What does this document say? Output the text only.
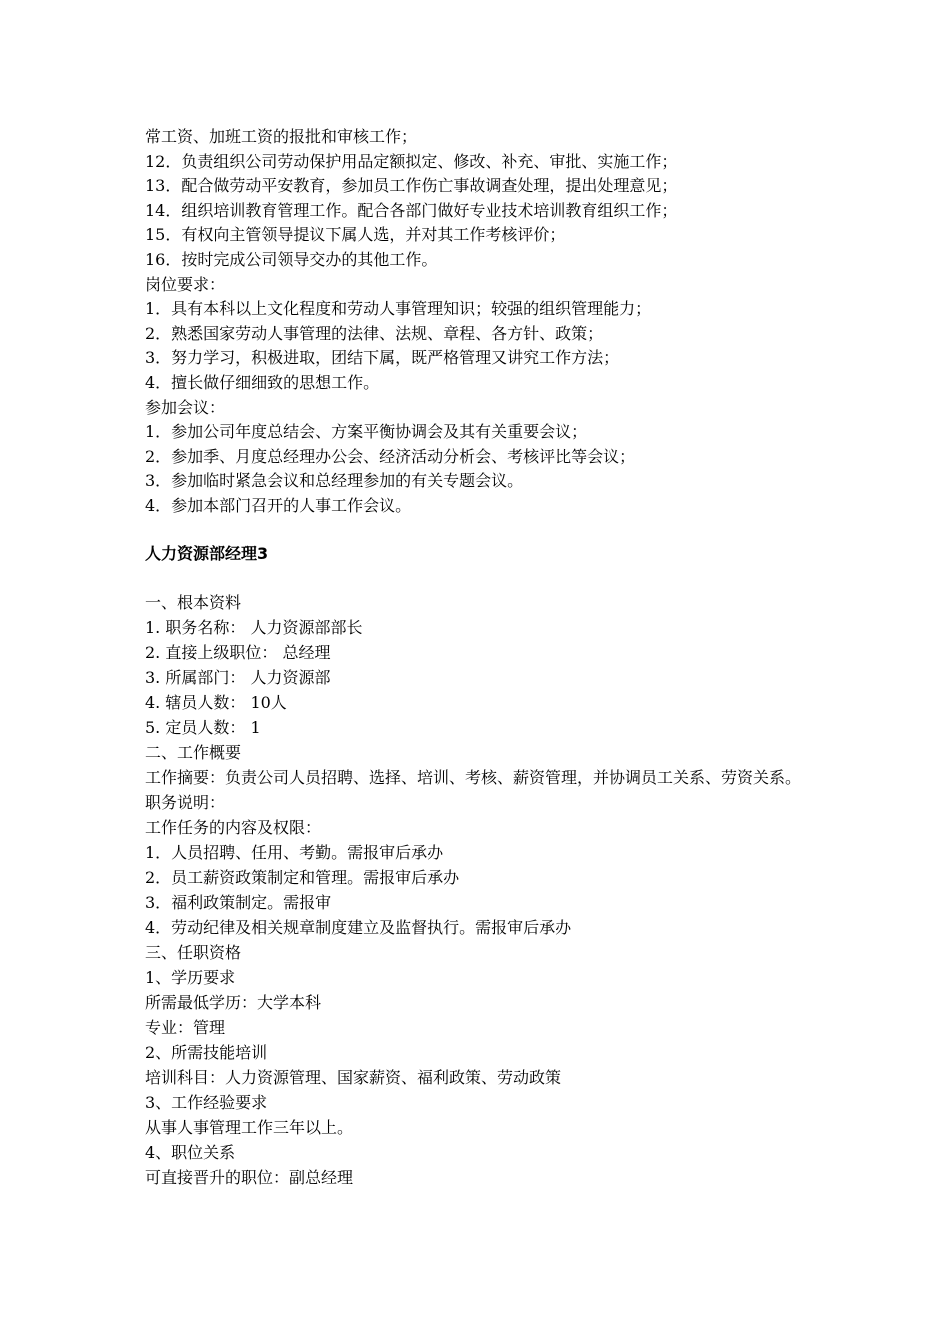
常工资、加班工资的报批和审核工作；
12．负责组织公司劳动保护用品定额拟定、修改、补充、审批、实施工作；
13．配合做劳动平安教育，参加员工作伤亡事故调查处理，提出处理意见；
14．组织培训教育管理工作。配合各部门做好专业技术培训教育组织工作；
15．有权向主管领导提议下属人选，并对其工作考核评价；
16．按时完成公司领导交办的其他工作。
岗位要求：
1．具有本科以上文化程度和劳动人事管理知识；较强的组织管理能力；
2．熟悉国家劳动人事管理的法律、法规、章程、各方针、政策；
3．努力学习，积极进取，团结下属，既严格管理又讲究工作方法；
4．擅长做仔细细致的思想工作。
参加会议：
1．参加公司年度总结会、方案平衡协调会及其有关重要会议；
2．参加季、月度总经理办公会、经济活动分析会、考核评比等会议；
3．参加临时紧急会议和总经理参加的有关专题会议。
4．参加本部门召开的人事工作会议。
人力资源部经理3
一、根本资料
1. 职务名称： 人力资源部部长
2. 直接上级职位： 总经理
3. 所属部门： 人力资源部
4. 辖员人数： 10人
5. 定员人数： 1
二、工作概要
工作摘要：负责公司人员招聘、选择、培训、考核、薪资管理，并协调员工关系、劳资关系。
职务说明：
工作任务的内容及权限：
1．人员招聘、任用、考勤。需报审后承办
2．员工薪资政策制定和管理。需报审后承办
3．福利政策制定。需报审
4．劳动纪律及相关规章制度建立及监督执行。需报审后承办
三、任职资格
1、学历要求
所需最低学历：大学本科
专业：管理
2、所需技能培训
培训科目：人力资源管理、国家薪资、福利政策、劳动政策
3、工作经验要求
从事人事管理工作三年以上。
4、职位关系
可直接晋升的职位：副总经理
